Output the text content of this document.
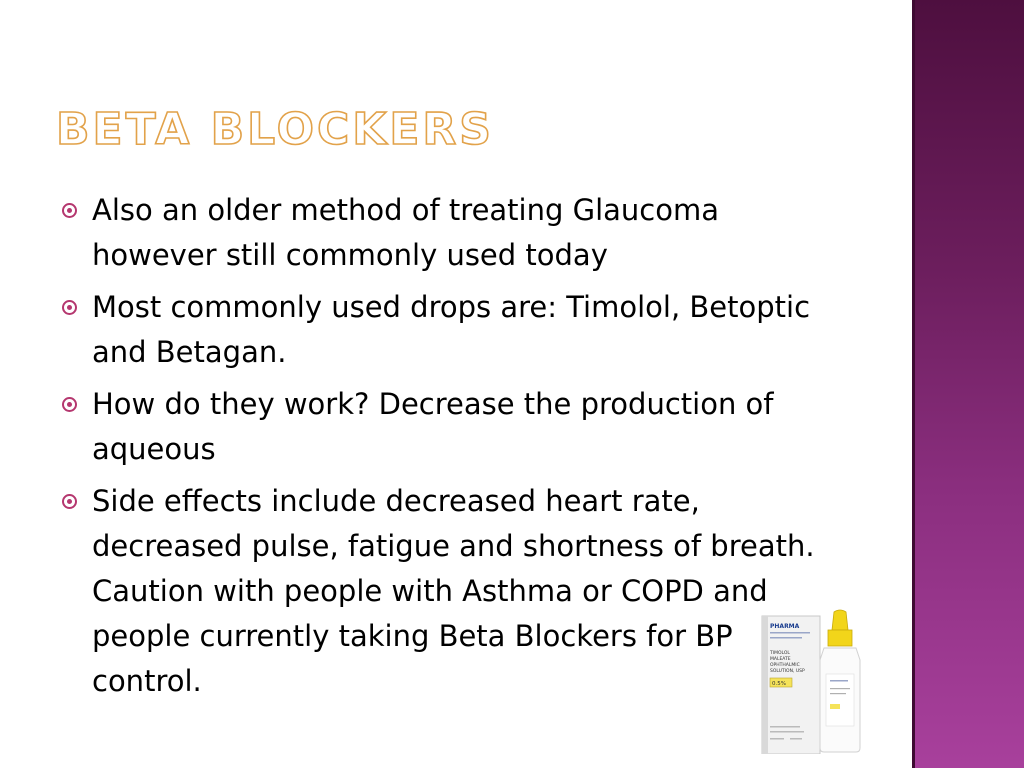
BETA BLOCKERS
Also an older method of treating Glaucoma however still commonly used today
Most commonly used drops are: Timolol, Betoptic and Betagan.
How do they work? Decrease the production of aqueous
Side effects include decreased heart rate, decreased pulse, fatigue and shortness of breath. Caution with people with Asthma or COPD and people currently taking Beta Blockers for BP control.
PHARMA
TIMOLOL
MALEATE
OPHTHALMIC
SOLUTION, USP
0.5%
